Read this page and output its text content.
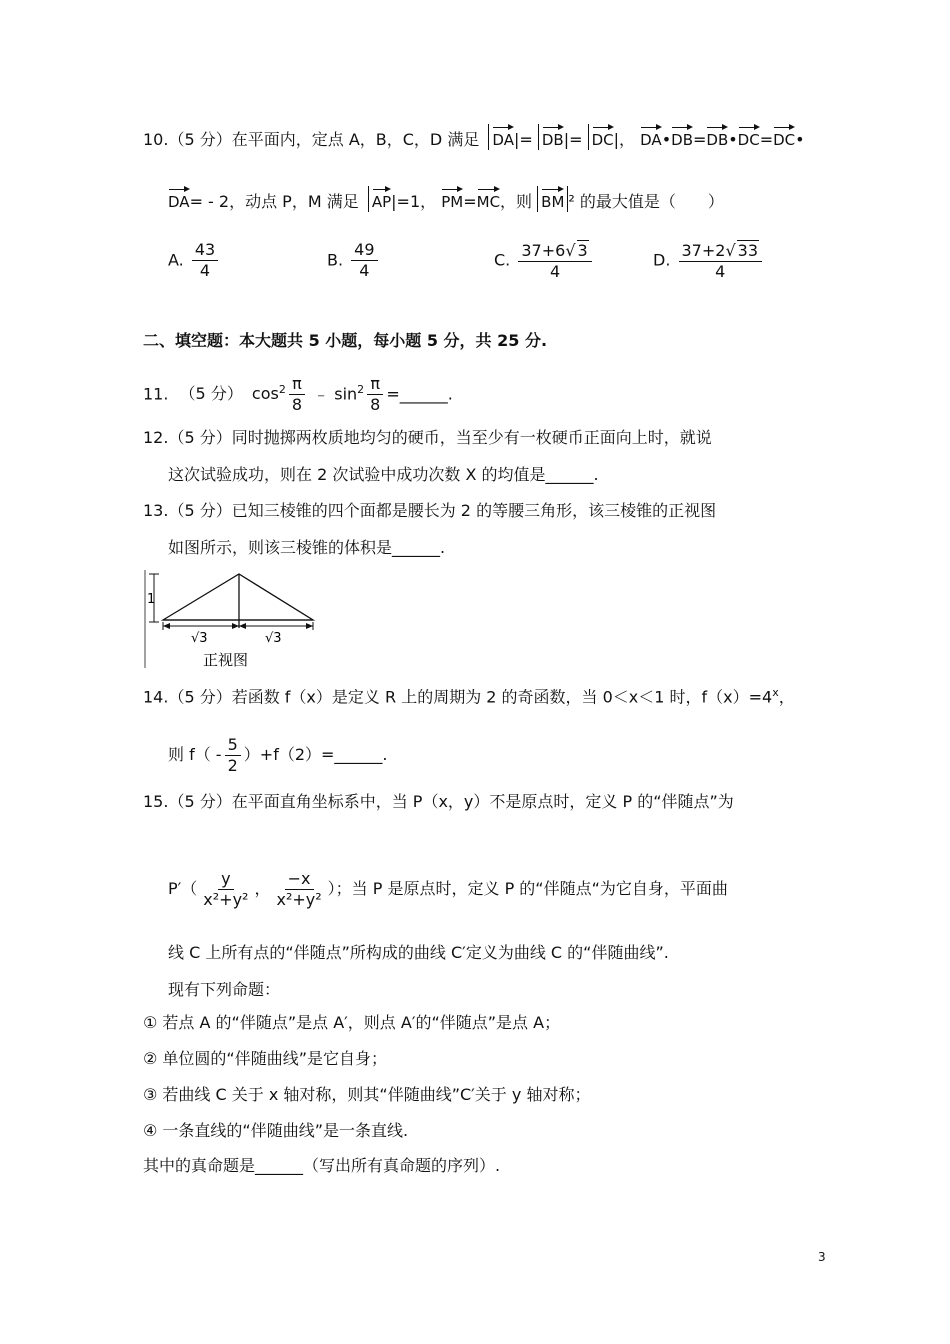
10.（5 分）在平面内，定点 A，B，C，D 满足 DA|= DB|= DC|， DA•DB=DB•DC=DC•
DA= - 2，动点 P，M 满足 AP|=1， PM=MC，则 BM ² 的最大值是（　　）
A. $\frac{43}{4}$	B. $\frac{49}{4}$	C. $\frac{37+6√ 3}{4}$	D. $\frac{37+2√ 33}{4}$
二、填空题：本大题共 5 小题，每小题 5 分，共 25 分.
11. （5 分） $\cos^2 \frac{\pi}{8}$ ﹣ $\sin^2 \frac{\pi}{8}$ =______.
12.（5 分）同时抛掷两枚质地均匀的硬币，当至少有一枚硬币正面向上时，就说
这次试验成功，则在 2 次试验中成功次数 X 的均值是______.
13.（5 分）已知三棱锥的四个面都是腰长为 2 的等腰三角形，该三棱锥的正视图
如图所示，则该三棱锥的体积是______.
1
√3	√3
正视图
14.（5 分）若函数 f（x）是定义 R 上的周期为 2 的奇函数，当 0＜x＜1 时，$f(x)=4^x$，
则 $f( - \frac{5}{2}$ ）+f（2）=______.
15.（5 分）在平面直角坐标系中，当 P（x，y）不是原点时，定义 P 的“伴随点”为
$P'( \frac{y}{\text{x²+y²}}$ ， $\frac{-x}{\text{x²+y²}}$ ）；当 P 是原点时，定义 P 的“伴随点“为它自身，平面曲
线 C 上所有点的“伴随点”所构成的曲线 C′定义为曲线 C 的“伴随曲线”.
现有下列命题：
① 若点 A 的“伴随点”是点 A′，则点 A′的“伴随点”是点 A；
② 单位圆的“伴随曲线”是它自身；
③ 若曲线 C 关于 x 轴对称，则其“伴随曲线”C′关于 y 轴对称；
④ 一条直线的“伴随曲线”是一条直线.
其中的真命题是______（写出所有真命题的序列）.
3
